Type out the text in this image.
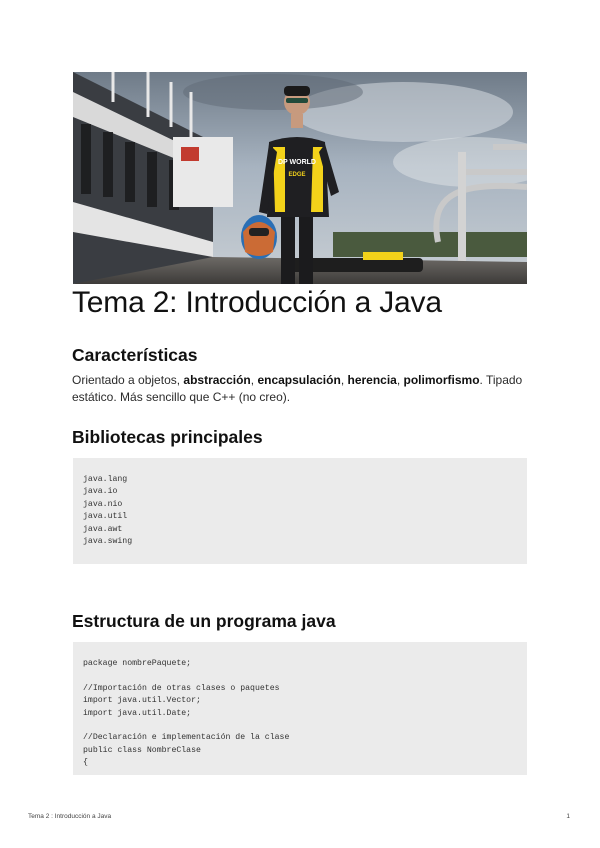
DP WORLD
EDGE
Tema 2: Introducción a Java
Características

Orientado a objetos, abstracción, encapsulación, herencia, polimorfismo. Tipado estático. Más sencillo que C++ (no creo).

Bibliotecas principales
java.lang
java.io
java.nio
java.util
java.awt
java.swing
Estructura de un programa java
package nombrePaquete;
//Importación de otras clases o paquetes
import java.util.Vector;
import java.util.Date;
//Declaración e implementación de la clase
public class NombreClase
{
Tema 2 : Introducción a Java	1
